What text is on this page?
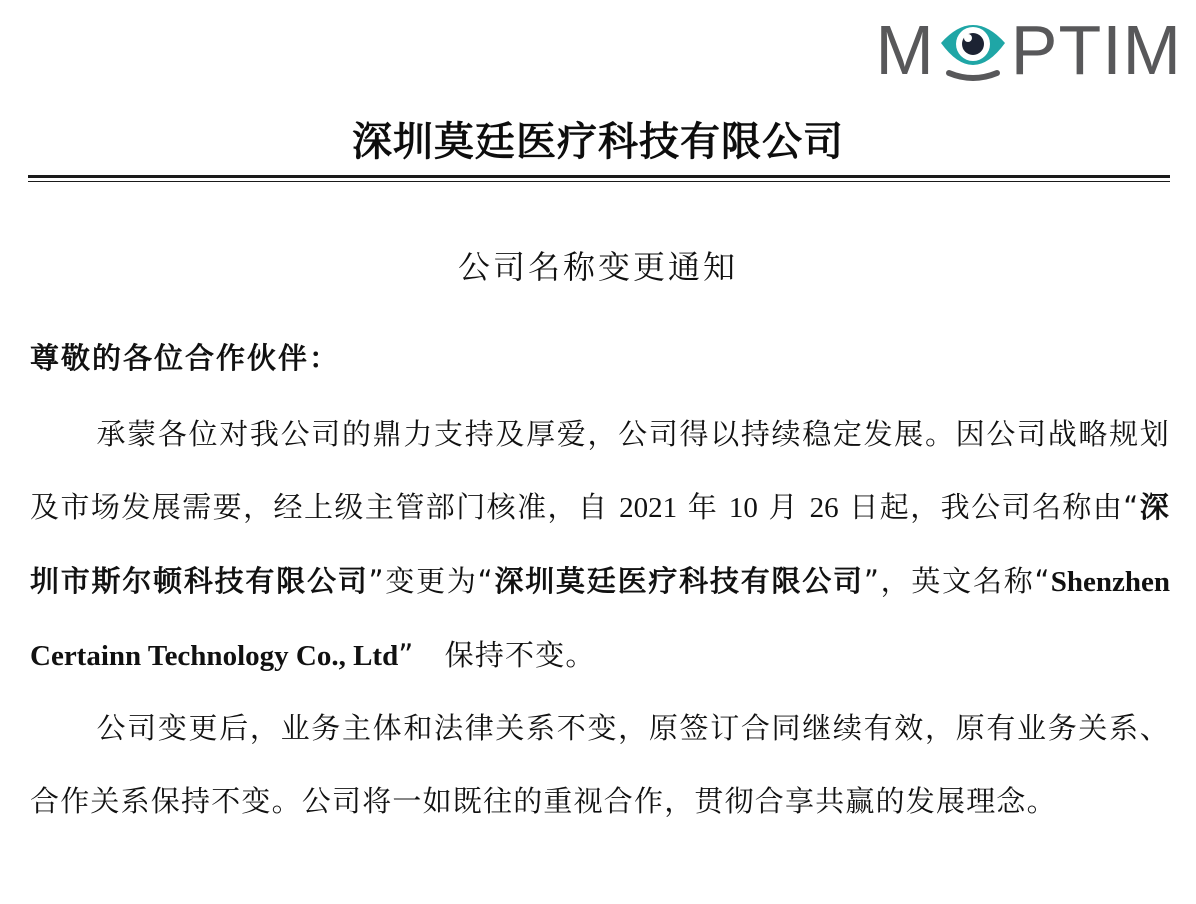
M PTIM
深圳莫廷医疗科技有限公司
公司名称变更通知

尊敬的各位合作伙伴：

承蒙各位对我公司的鼎力支持及厚爱，公司得以持续稳定发展。因公司战略规划及市场发展需要，经上级主管部门核准，自 2021 年 10 月 26 日起，我公司名称由“深圳市斯尔顿科技有限公司”变更为“深圳莫廷医疗科技有限公司”，英文名称“Shenzhen Certainn Technology Co., Ltd”　保持不变。

公司变更后，业务主体和法律关系不变，原签订合同继续有效，原有业务关系、合作关系保持不变。公司将一如既往的重视合作，贯彻合享共赢的发展理念。
